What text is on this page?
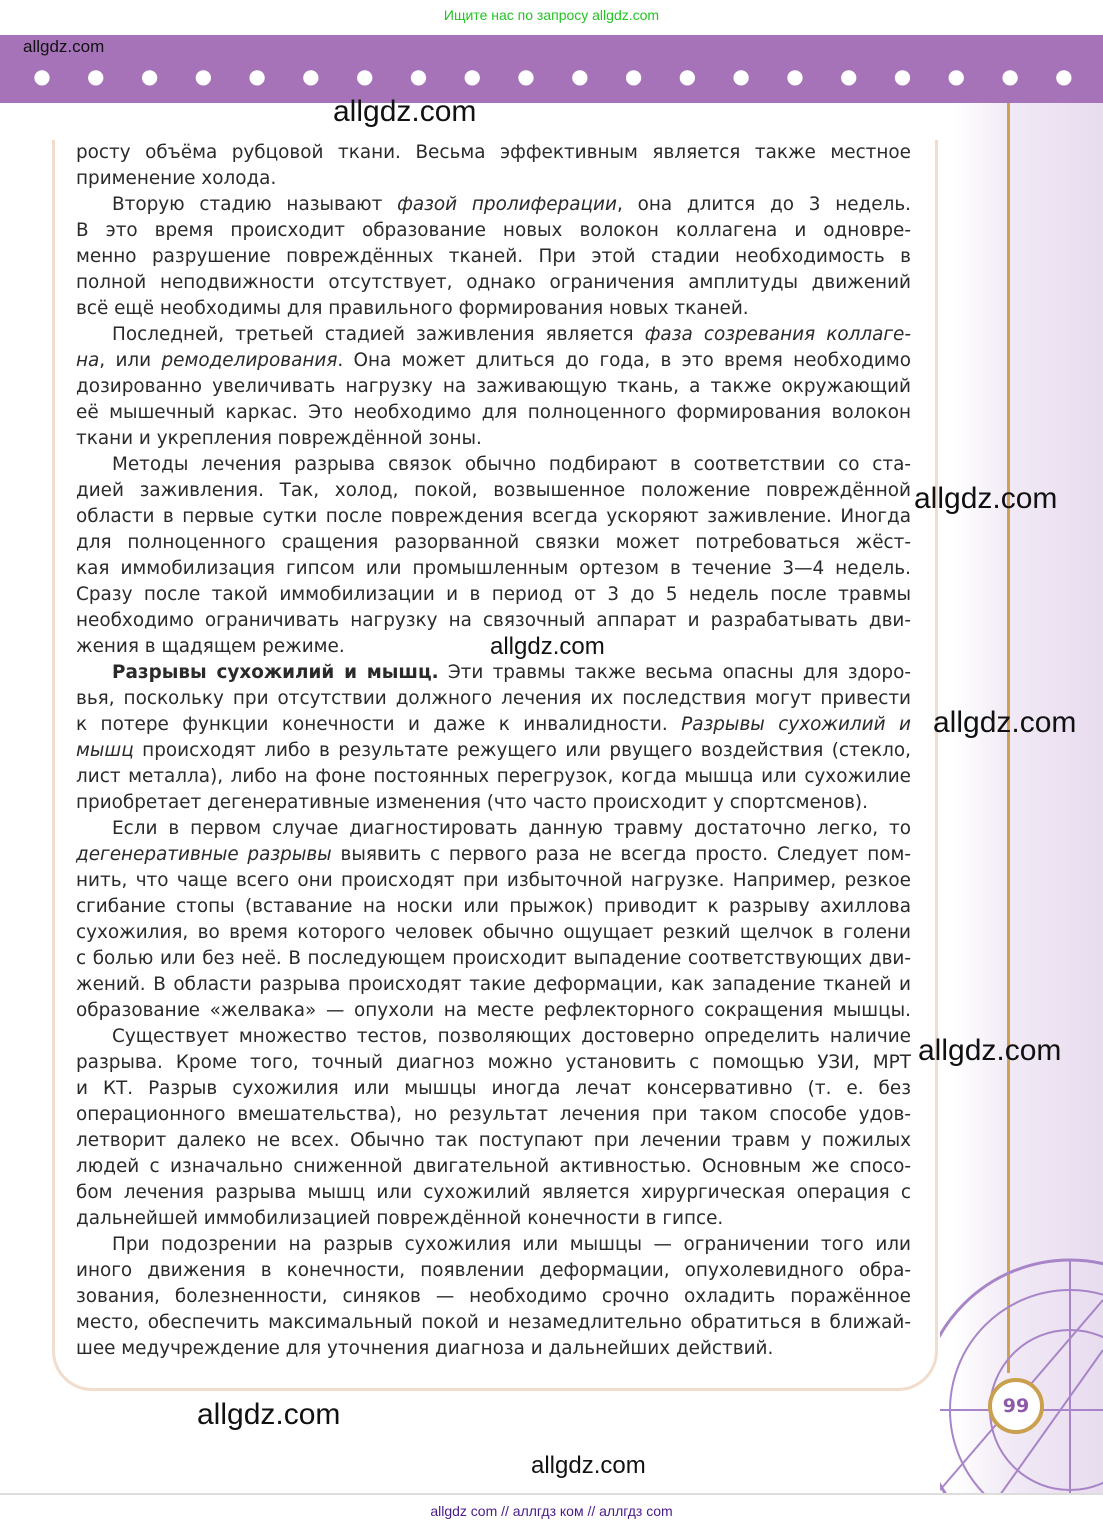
Ищите нас по запросу allgdz.com
allgdz.com
● ● ● ● ● ● ● ● ● ● ● ● ● ● ● ● ● ● ● ●
росту объёма рубцовой ткани. Весьма эффективным является также местное
применение холода.
Вторую стадию называют фазой пролиферации, она длится до 3 недель.
В это время происходит образование новых волокон коллагена и одновре-
менно разрушение повреждённых тканей. При этой стадии необходимость в
полной неподвижности отсутствует, однако ограничения амплитуды движений
всё ещё необходимы для правильного формирования новых тканей.
Последней, третьей стадией заживления является фаза созревания коллаге-
на, или ремоделирования. Она может длиться до года, в это время необходимо
дозированно увеличивать нагрузку на заживающую ткань, а также окружающий
её мышечный каркас. Это необходимо для полноценного формирования волокон
ткани и укрепления повреждённой зоны.
Методы лечения разрыва связок обычно подбирают в соответствии со ста-
дией заживления. Так, холод, покой, возвышенное положение повреждённой
области в первые сутки после повреждения всегда ускоряют заживление. Иногда
для полноценного сращения разорванной связки может потребоваться жёст-
кая иммобилизация гипсом или промышленным ортезом в течение 3—4 недель.
Сразу после такой иммобилизации и в период от 3 до 5 недель после травмы
необходимо ограничивать нагрузку на связочный аппарат и разрабатывать дви-
жения в щадящем режиме.
Разрывы сухожилий и мышц. Эти травмы также весьма опасны для здоро-
вья, поскольку при отсутствии должного лечения их последствия могут привести
к потере функции конечности и даже к инвалидности. Разрывы сухожилий и
мышц происходят либо в результате режущего или рвущего воздействия (стекло,
лист металла), либо на фоне постоянных перегрузок, когда мышца или сухожилие
приобретает дегенеративные изменения (что часто происходит у спортсменов).
Если в первом случае диагностировать данную травму достаточно легко, то
дегенеративные разрывы выявить с первого раза не всегда просто. Следует пом-
нить, что чаще всего они происходят при избыточной нагрузке. Например, резкое
сгибание стопы (вставание на носки или прыжок) приводит к разрыву ахиллова
сухожилия, во время которого человек обычно ощущает резкий щелчок в голени
с болью или без неё. В последующем происходит выпадение соответствующих дви-
жений. В области разрыва происходят такие деформации, как западение тканей и
образование «желвака» — опухоли на месте рефлекторного сокращения мышцы.
Существует множество тестов, позволяющих достоверно определить наличие
разрыва. Кроме того, точный диагноз можно установить с помощью УЗИ, МРТ
и КТ. Разрыв сухожилия или мышцы иногда лечат консервативно (т. е. без
операционного вмешательства), но результат лечения при таком способе удов-
летворит далеко не всех. Обычно так поступают при лечении травм у пожилых
людей с изначально сниженной двигательной активностью. Основным же спосо-
бом лечения разрыва мышц или сухожилий является хирургическая операция с
дальнейшей иммобилизацией повреждённой конечности в гипсе.
При подозрении на разрыв сухожилия или мышцы — ограничении того или
иного движения в конечности, появлении деформации, опухолевидного обра-
зования, болезненности, синяков — необходимо срочно охладить поражённое
место, обеспечить максимальный покой и незамедлительно обратиться в ближай-
шее медучреждение для уточнения диагноза и дальнейших действий.
allgdz.com
allgdz.com
allgdz.com
allgdz.com
allgdz.com
allgdz.com
allgdz.com
99
allgdz com // аллгдз ком // аллгдз com
